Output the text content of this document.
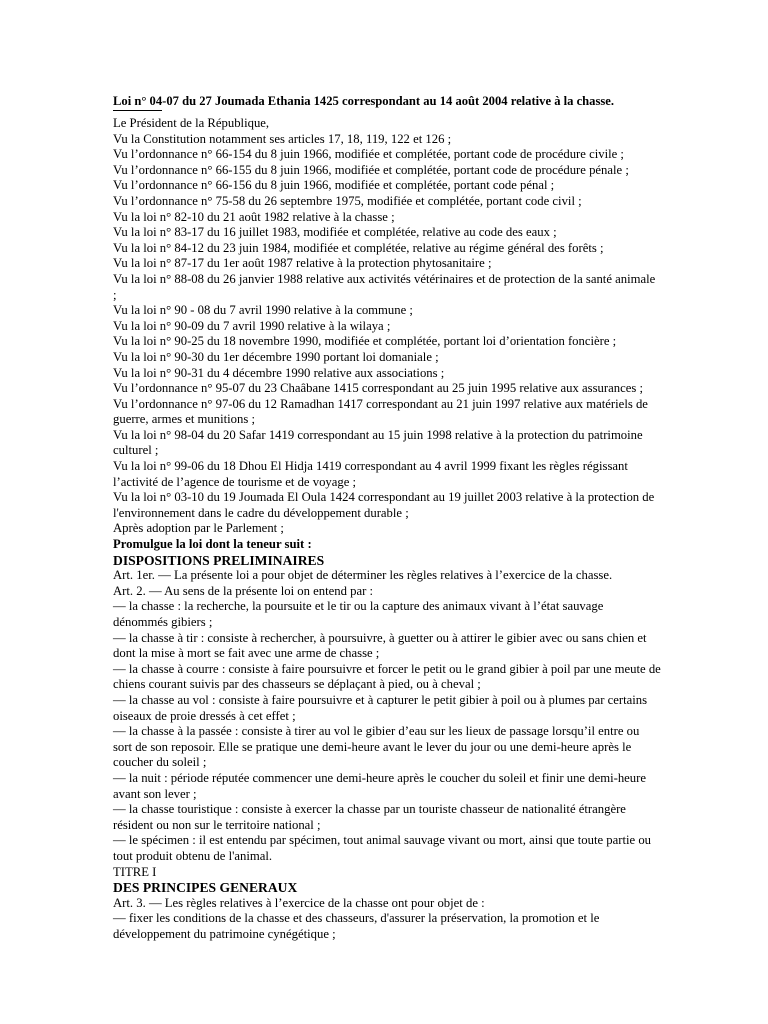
Loi n° 04-07 du 27 Joumada Ethania 1425 correspondant au 14 août 2004 relative à la chasse.

Le Président de la République,

Vu la Constitution notamment ses articles 17, 18, 119, 122 et 126 ;

Vu l’ordonnance n° 66-154 du 8 juin 1966, modifiée et complétée, portant code de procédure civile ;

Vu l’ordonnance n° 66-155 du 8 juin 1966, modifiée et complétée, portant code de procédure pénale ;

Vu l’ordonnance n° 66-156 du 8 juin 1966, modifiée et complétée, portant code pénal ;

Vu l’ordonnance n° 75-58 du 26 septembre 1975, modifiée et complétée, portant code civil ;

Vu la loi n° 82-10 du 21 août 1982 relative à la chasse ;

Vu la loi n° 83-17 du 16 juillet 1983, modifiée et complétée, relative au code des eaux ;

Vu la loi n° 84-12 du 23 juin 1984, modifiée et complétée, relative au régime général des forêts ;

Vu la loi n° 87-17 du 1er août 1987 relative à la protection phytosanitaire ;

Vu la loi n° 88-08 du 26 janvier 1988 relative aux activités vétérinaires et de protection de la santé animale ;

Vu la loi n° 90 - 08 du 7 avril 1990 relative à la commune ;

Vu la loi n° 90-09 du 7 avril 1990 relative à la wilaya ;

Vu la loi n° 90-25 du 18 novembre 1990, modifiée et complétée, portant loi d’orientation foncière ;

Vu la loi n° 90-30 du 1er décembre 1990 portant loi domaniale ;

Vu la loi n° 90-31 du 4 décembre 1990 relative aux associations ;

Vu l’ordonnance n° 95-07 du 23 Chaâbane 1415 correspondant au 25 juin 1995 relative aux assurances ;

Vu l’ordonnance n° 97-06 du 12 Ramadhan 1417 correspondant au 21 juin 1997 relative aux matériels de guerre, armes et munitions ;

Vu la loi n° 98-04 du 20 Safar 1419 correspondant au 15 juin 1998 relative à la protection du patrimoine culturel ;

Vu la loi n° 99-06 du 18 Dhou El Hidja 1419 correspondant au 4 avril 1999 fixant les règles régissant l’activité de l’agence de tourisme et de voyage ;

Vu la loi n° 03-10 du 19 Joumada El Oula 1424 correspondant au 19 juillet 2003 relative à la protection de l'environnement dans le cadre du développement durable ;

Après adoption par le Parlement ;

Promulgue la loi dont la teneur suit :

DISPOSITIONS PRELIMINAIRES

Art. 1er. — La présente loi a pour objet de déterminer les règles relatives à l’exercice de la chasse.

Art. 2. — Au sens de la présente loi on entend par :

— la chasse : la recherche, la poursuite et le tir ou la capture des animaux vivant à l’état sauvage dénommés gibiers ;

— la chasse à tir : consiste à rechercher, à poursuivre, à guetter ou à attirer le gibier avec ou sans chien et dont la mise à mort se fait avec une arme de chasse ;

— la chasse à courre : consiste à faire poursuivre et forcer le petit ou le grand gibier à poil par une meute de chiens courant suivis par des chasseurs se déplaçant à pied, ou à cheval ;

— la chasse au vol : consiste à faire poursuivre et à capturer le petit gibier à poil ou à plumes par certains oiseaux de proie dressés à cet effet ;

— la chasse à la passée : consiste à tirer au vol le gibier d’eau sur les lieux de passage lorsqu’il entre ou sort de son reposoir. Elle se pratique une demi-heure avant le lever du jour ou une demi-heure après le coucher du soleil ;

— la nuit : période réputée commencer une demi-heure après le coucher du soleil et finir une demi-heure avant son lever ;

— la chasse touristique : consiste à exercer la chasse par un touriste chasseur de nationalité étrangère résident ou non sur le territoire national ;

— le spécimen : il est entendu par spécimen, tout animal sauvage vivant ou mort, ainsi que toute partie ou tout produit obtenu de l'animal.

TITRE I

DES PRINCIPES GENERAUX

Art. 3. — Les règles relatives à l’exercice de la chasse ont pour objet de :

— fixer les conditions de la chasse et des chasseurs, d'assurer la préservation, la promotion et le développement du patrimoine cynégétique ;
